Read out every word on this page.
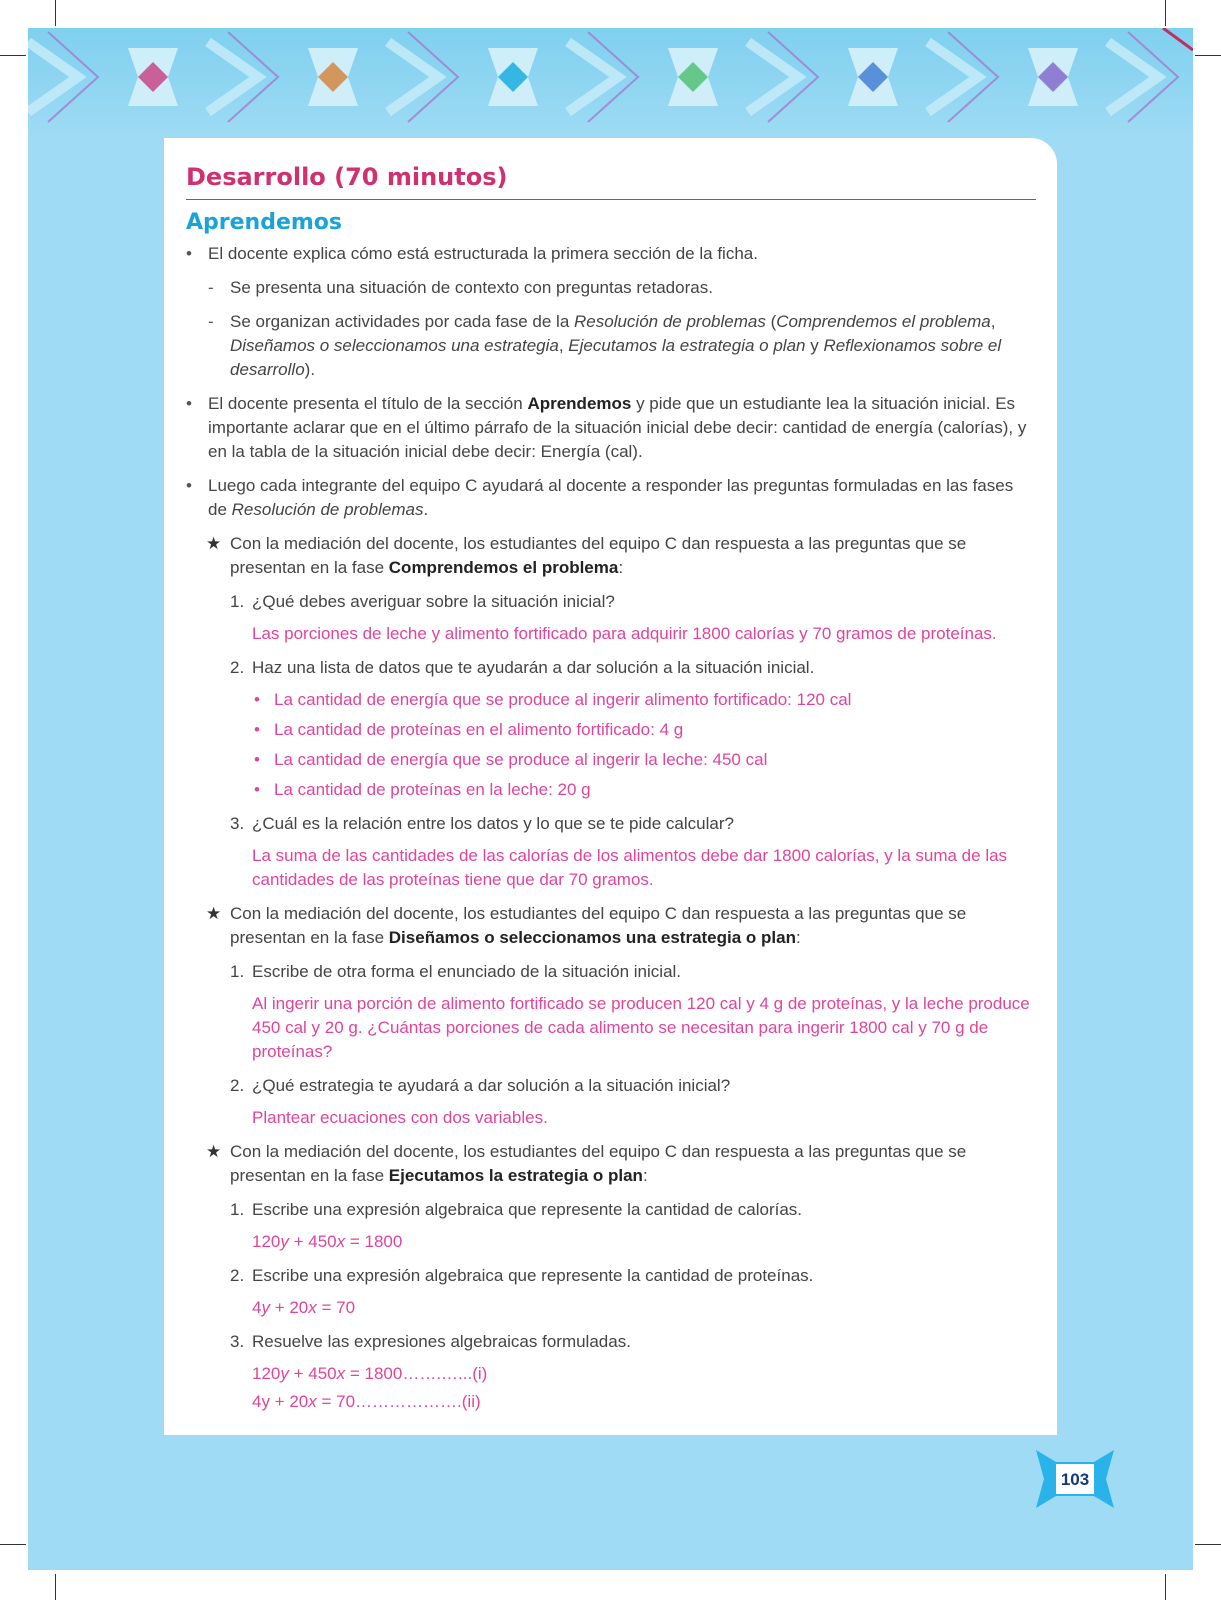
Desarrollo (70 minutos)
Aprendemos
• El docente explica cómo está estructurada la primera sección de la ficha.
- Se presenta una situación de contexto con preguntas retadoras.
- Se organizan actividades por cada fase de la Resolución de problemas (Comprendemos el problema, Diseñamos o seleccionamos una estrategia, Ejecutamos la estrategia o plan y Reflexionamos sobre el desarrollo).
• El docente presenta el título de la sección Aprendemos y pide que un estudiante lea la situación inicial. Es importante aclarar que en el último párrafo de la situación inicial debe decir: cantidad de energía (calorías), y en la tabla de la situación inicial debe decir: Energía (cal).
• Luego cada integrante del equipo C ayudará al docente a responder las preguntas formuladas en las fases de Resolución de problemas.
★ Con la mediación del docente, los estudiantes del equipo C dan respuesta a las preguntas que se presentan en la fase Comprendemos el problema:
1. ¿Qué debes averiguar sobre la situación inicial?
Las porciones de leche y alimento fortificado para adquirir 1800 calorías y 70 gramos de proteínas.
2. Haz una lista de datos que te ayudarán a dar solución a la situación inicial.
• La cantidad de energía que se produce al ingerir alimento fortificado: 120 cal
• La cantidad de proteínas en el alimento fortificado: 4 g
• La cantidad de energía que se produce al ingerir la leche: 450 cal
• La cantidad de proteínas en la leche: 20 g
3. ¿Cuál es la relación entre los datos y lo que se te pide calcular?
La suma de las cantidades de las calorías de los alimentos debe dar 1800 calorías, y la suma de las cantidades de las proteínas tiene que dar 70 gramos.
★ Con la mediación del docente, los estudiantes del equipo C dan respuesta a las preguntas que se presentan en la fase Diseñamos o seleccionamos una estrategia o plan:
1. Escribe de otra forma el enunciado de la situación inicial.
Al ingerir una porción de alimento fortificado se producen 120 cal y 4 g de proteínas, y la leche produce 450 cal y 20 g. ¿Cuántas porciones de cada alimento se necesitan para ingerir 1800 cal y 70 g de proteínas?
2. ¿Qué estrategia te ayudará a dar solución a la situación inicial?
Plantear ecuaciones con dos variables.
★ Con la mediación del docente, los estudiantes del equipo C dan respuesta a las preguntas que se presentan en la fase Ejecutamos la estrategia o plan:
1. Escribe una expresión algebraica que represente la cantidad de calorías.
120y + 450x = 1800
2. Escribe una expresión algebraica que represente la cantidad de proteínas.
4y + 20x = 70
3. Resuelve las expresiones algebraicas formuladas.
120y + 450x = 1800…….…...(i)
4y + 20x = 70……………….(ii)
103
